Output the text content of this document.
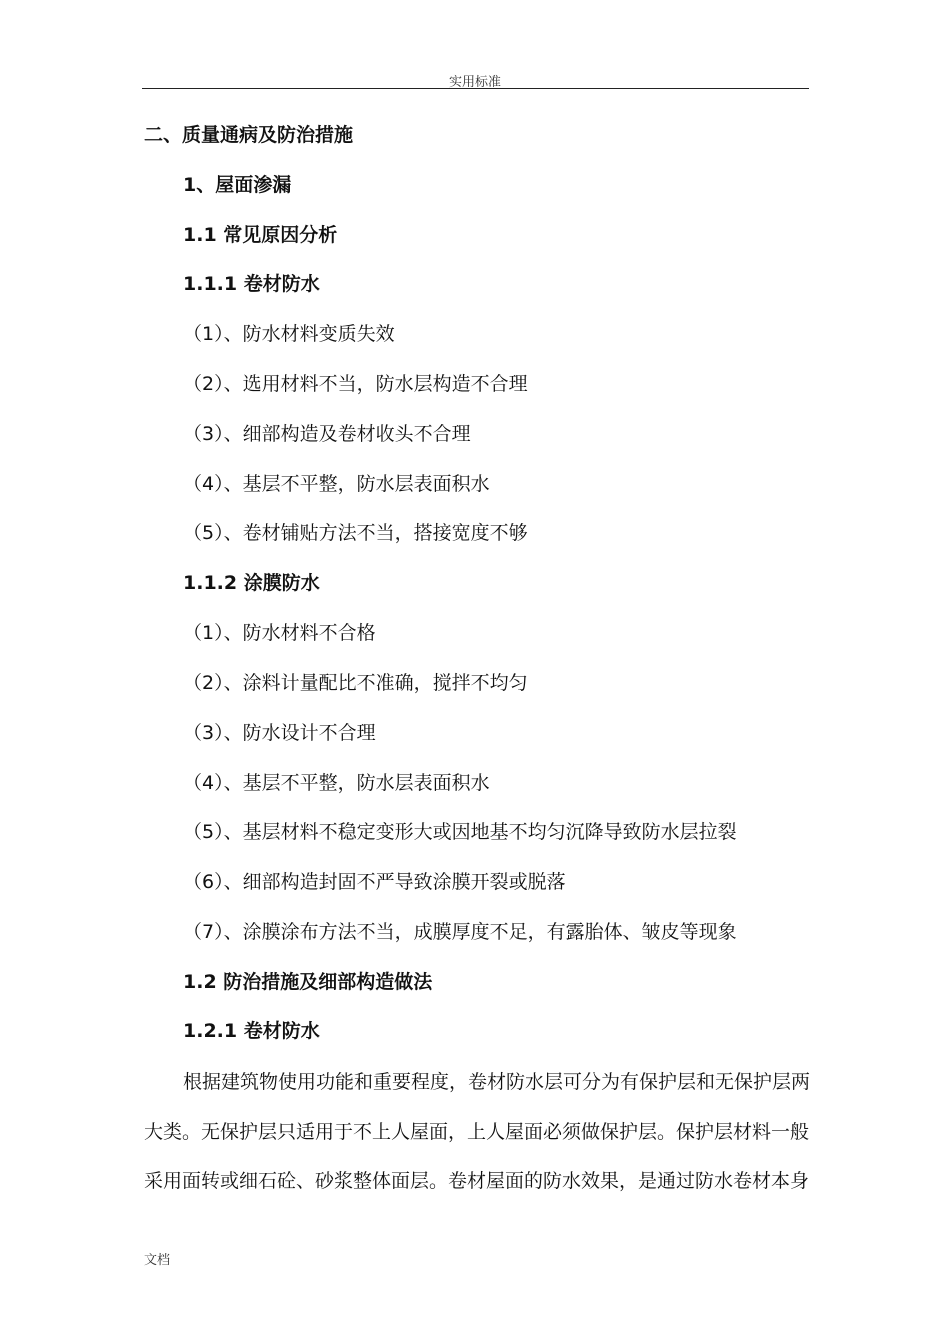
实用标准
二、质量通病及防治措施
1、屋面渗漏
1.1 常见原因分析
1.1.1 卷材防水
（1）、防水材料变质失效
（2）、选用材料不当，防水层构造不合理
（3）、细部构造及卷材收头不合理
（4）、基层不平整，防水层表面积水
（5）、卷材铺贴方法不当，搭接宽度不够
1.1.2 涂膜防水
（1）、防水材料不合格
（2）、涂料计量配比不准确，搅拌不均匀
（3）、防水设计不合理
（4）、基层不平整，防水层表面积水
（5）、基层材料不稳定变形大或因地基不均匀沉降导致防水层拉裂
（6）、细部构造封固不严导致涂膜开裂或脱落
（7）、涂膜涂布方法不当，成膜厚度不足，有露胎体、皱皮等现象
1.2 防治措施及细部构造做法
1.2.1 卷材防水
根据建筑物使用功能和重要程度，卷材防水层可分为有保护层和无保护层两
大类。无保护层只适用于不上人屋面，上人屋面必须做保护层。保护层材料一般
采用面转或细石砼、砂浆整体面层。卷材屋面的防水效果，是通过防水卷材本身
文档
